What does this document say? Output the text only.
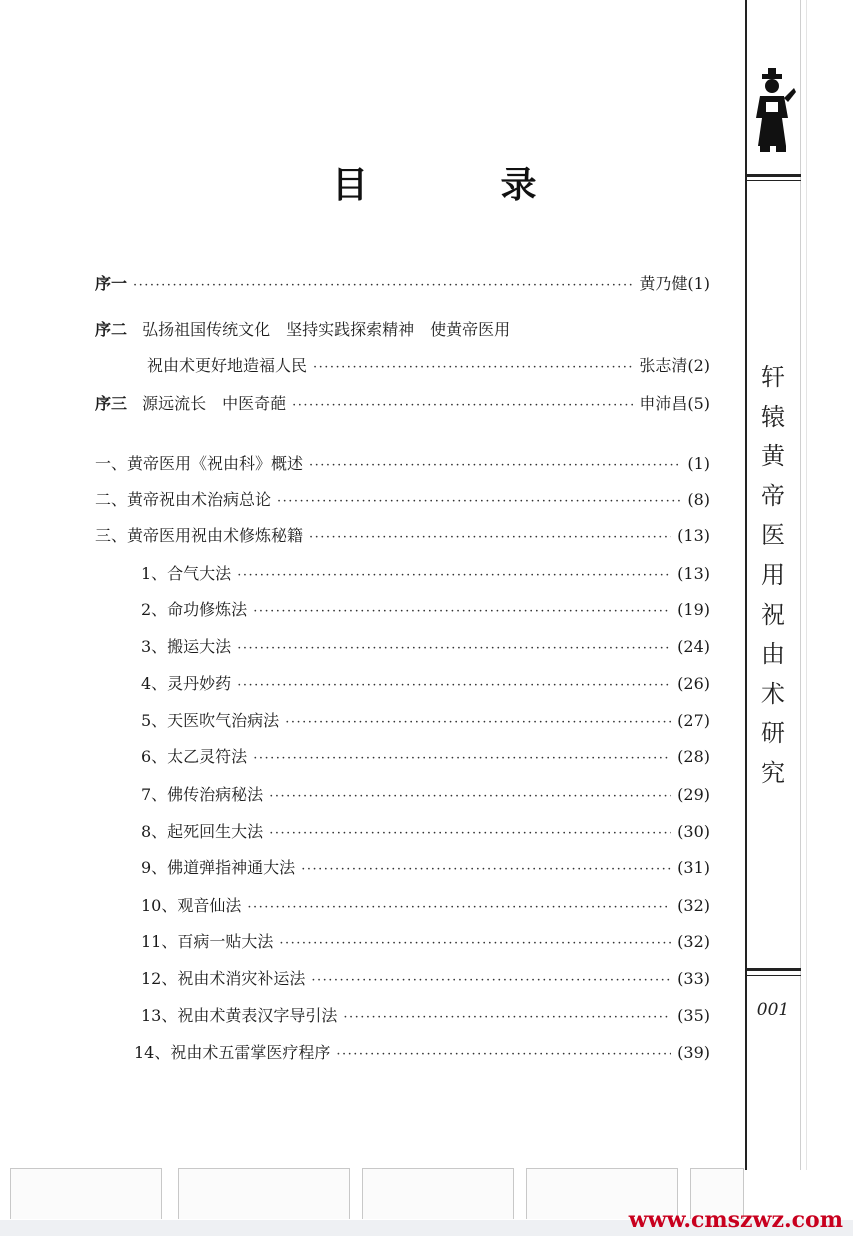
轩
辕
黄
帝
医
用
祝
由
术
研
究
001
目 录
序一 ·····	黄乃健 (1)
序二 弘扬祖国传统文化　坚持实践探索精神　使黄帝医用
祝由术更好地造福人民 ·····	张志清 (2)
序三 源远流长　中医奇葩 ·····	申沛昌 (5)
一、黄帝医用《祝由科》概述 ·····	(1)
二、黄帝祝由术治病总论 ·····	(8)
三、黄帝医用祝由术修炼秘籍 ·····	(13)
1、合气大法 ·····	(13)
2、命功修炼法 ·····	(19)
3、搬运大法 ·····	(24)
4、灵丹妙药 ·····	(26)
5、天医吹气治病法 ·····	(27)
6、太乙灵符法 ·····	(28)
7、佛传治病秘法 ·····	(29)
8、起死回生大法 ·····	(30)
9、佛道弹指神通大法 ·····	(31)
10、观音仙法 ·····	(32)
11、百病一贴大法 ·····	(32)
12、祝由术消灾补运法 ·····	(33)
13、祝由术黄表汉字导引法 ·····	(35)
14、祝由术五雷掌医疗程序 ·····	(39)
www.cmszwz.com
